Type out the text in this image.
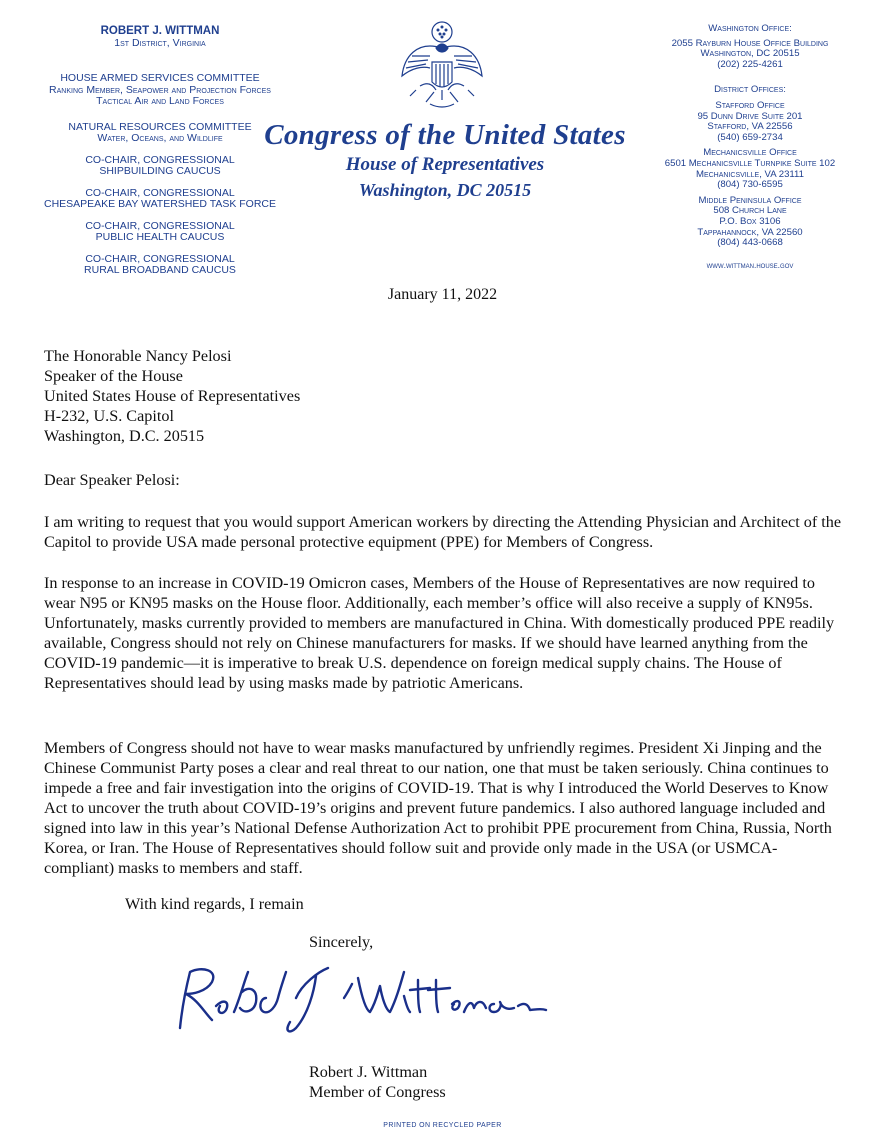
ROBERT J. WITTMAN
1st District, Virginia
HOUSE ARMED SERVICES COMMITTEE
Ranking Member, Seapower and Projection Forces
Tactical Air and Land Forces
NATURAL RESOURCES COMMITTEE
Water, Oceans, and Wildlife
CO-CHAIR, CONGRESSIONAL
SHIPBUILDING CAUCUS
CO-CHAIR, CONGRESSIONAL
CHESAPEAKE BAY WATERSHED TASK FORCE
CO-CHAIR, CONGRESSIONAL
PUBLIC HEALTH CAUCUS
CO-CHAIR, CONGRESSIONAL
RURAL BROADBAND CAUCUS
Congress of the United States
House of Representatives
Washington, DC 20515
Washington Office:
2055 Rayburn House Office Building
Washington, DC 20515
(202) 225-4261
District Offices:
Stafford Office
95 Dunn Drive Suite 201
Stafford, VA 22556
(540) 659-2734
Mechanicsville Office
6501 Mechanicsville Turnpike Suite 102
Mechanicsville, VA 23111
(804) 730-6595
Middle Peninsula Office
508 Church Lane
P.O. Box 3106
Tappahannock, VA 22560
(804) 443-0668
www.wittman.house.gov
January 11, 2022
The Honorable Nancy Pelosi
Speaker of the House
United States House of Representatives
H-232, U.S. Capitol
Washington, D.C. 20515
Dear Speaker Pelosi:
I am writing to request that you would support American workers by directing the Attending Physician and Architect of the Capitol to provide USA made personal protective equipment (PPE) for Members of Congress.
In response to an increase in COVID-19 Omicron cases, Members of the House of Representatives are now required to wear N95 or KN95 masks on the House floor. Additionally, each member’s office will also receive a supply of KN95s. Unfortunately, masks currently provided to members are manufactured in China. With domestically produced PPE readily available, Congress should not rely on Chinese manufacturers for masks. If we should have learned anything from the COVID-19 pandemic—it is imperative to break U.S. dependence on foreign medical supply chains. The House of Representatives should lead by using masks made by patriotic Americans.
Members of Congress should not have to wear masks manufactured by unfriendly regimes. President Xi Jinping and the Chinese Communist Party poses a clear and real threat to our nation, one that must be taken seriously. China continues to impede a free and fair investigation into the origins of COVID-19. That is why I introduced the World Deserves to Know Act to uncover the truth about COVID-19’s origins and prevent future pandemics. I also authored language included and signed into law in this year’s National Defense Authorization Act to prohibit PPE procurement from China, Russia, North Korea, or Iran. The House of Representatives should follow suit and provide only made in the USA (or USMCA-compliant) masks to members and staff.
With kind regards, I remain
Sincerely,
Robert J. Wittman
Member of Congress
PRINTED ON RECYCLED PAPER
